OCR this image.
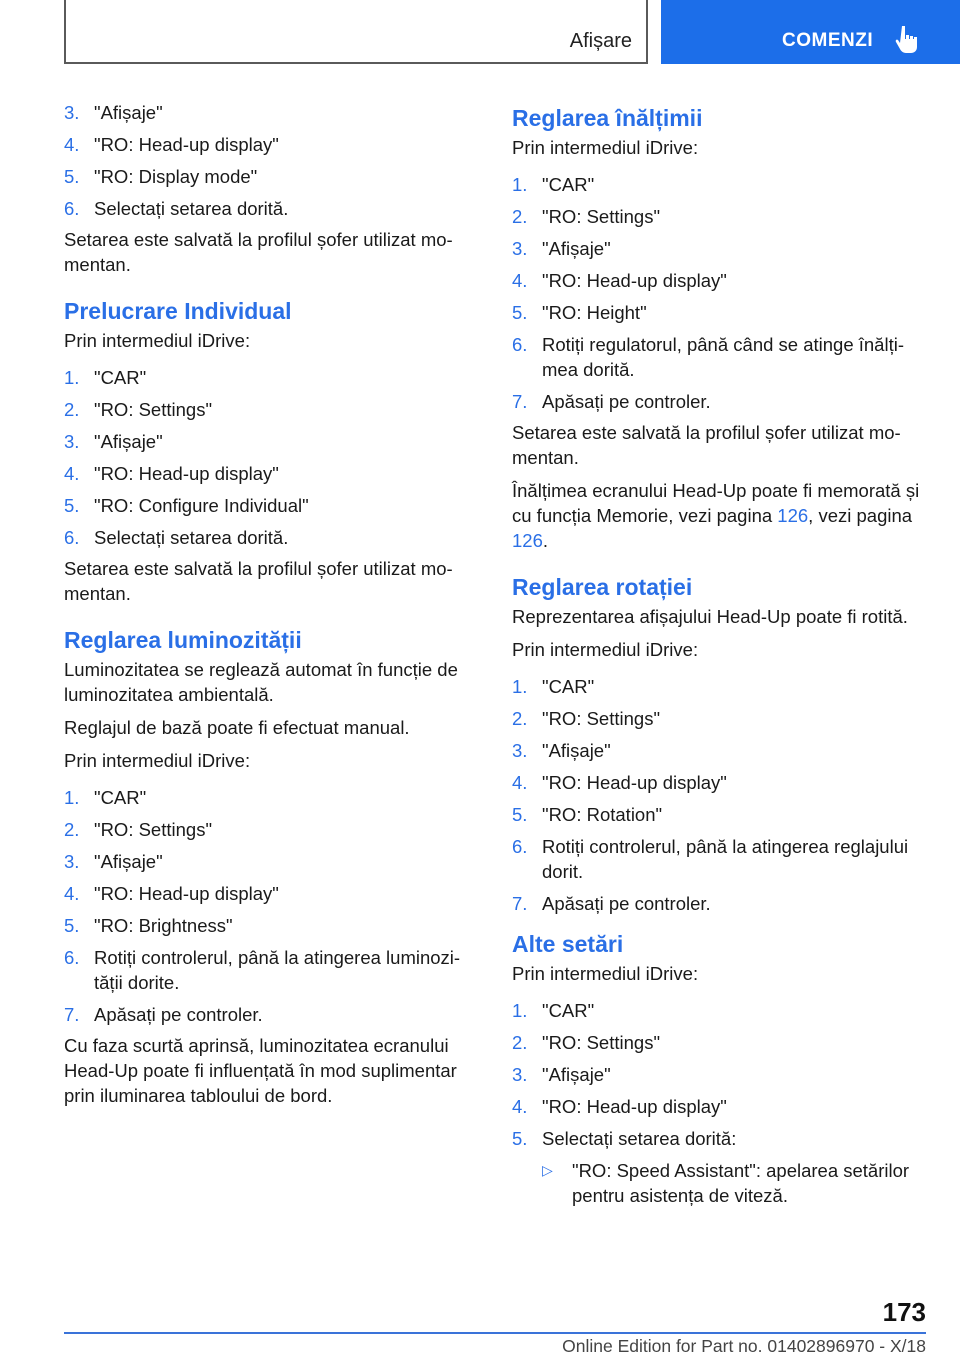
Afișare	COMENZI
3. "Afișaje"
4. "RO: Head-up display"
5. "RO: Display mode"
6. Selectați setarea dorită.

Setarea este salvată la profilul șofer utilizat momentan.

Prelucrare Individual

Prin intermediul iDrive:

1. "CAR"
2. "RO: Settings"
3. "Afișaje"
4. "RO: Head-up display"
5. "RO: Configure Individual"
6. Selectați setarea dorită.

Setarea este salvată la profilul șofer utilizat momentan.

Reglarea luminozității

Luminozitatea se reglează automat în funcție de luminozitatea ambientală.

Reglajul de bază poate fi efectuat manual.

Prin intermediul iDrive:

1. "CAR"
2. "RO: Settings"
3. "Afișaje"
4. "RO: Head-up display"
5. "RO: Brightness"
6. Rotiți controlerul, până la atingerea luminozității dorite.
7. Apăsați pe controler.

Cu faza scurtă aprinsă, luminozitatea ecranului Head-Up poate fi influențată în mod suplimentar prin iluminarea tabloului de bord.

Reglarea înălțimii

Prin intermediul iDrive:

1. "CAR"
2. "RO: Settings"
3. "Afișaje"
4. "RO: Head-up display"
5. "RO: Height"
6. Rotiți regulatorul, până când se atinge înălțimea dorită.
7. Apăsați pe controler.

Setarea este salvată la profilul șofer utilizat momentan.

Înălțimea ecranului Head-Up poate fi memorată și cu funcția Memorie, vezi pagina 126, vezi pagina 126.

Reglarea rotației

Reprezentarea afișajului Head-Up poate fi rotită.

Prin intermediul iDrive:

1. "CAR"
2. "RO: Settings"
3. "Afișaje"
4. "RO: Head-up display"
5. "RO: Rotation"
6. Rotiți controlerul, până la atingerea reglajului dorit.
7. Apăsați pe controler.
Alte setări

Prin intermediul iDrive:

1. "CAR"
2. "RO: Settings"
3. "Afișaje"
4. "RO: Head-up display"
5. Selectați setarea dorită:
▷	"RO: Speed Assistant": apelarea setărilor pentru asistența de viteză.
173
Online Edition for Part no. 01402896970 - X/18
